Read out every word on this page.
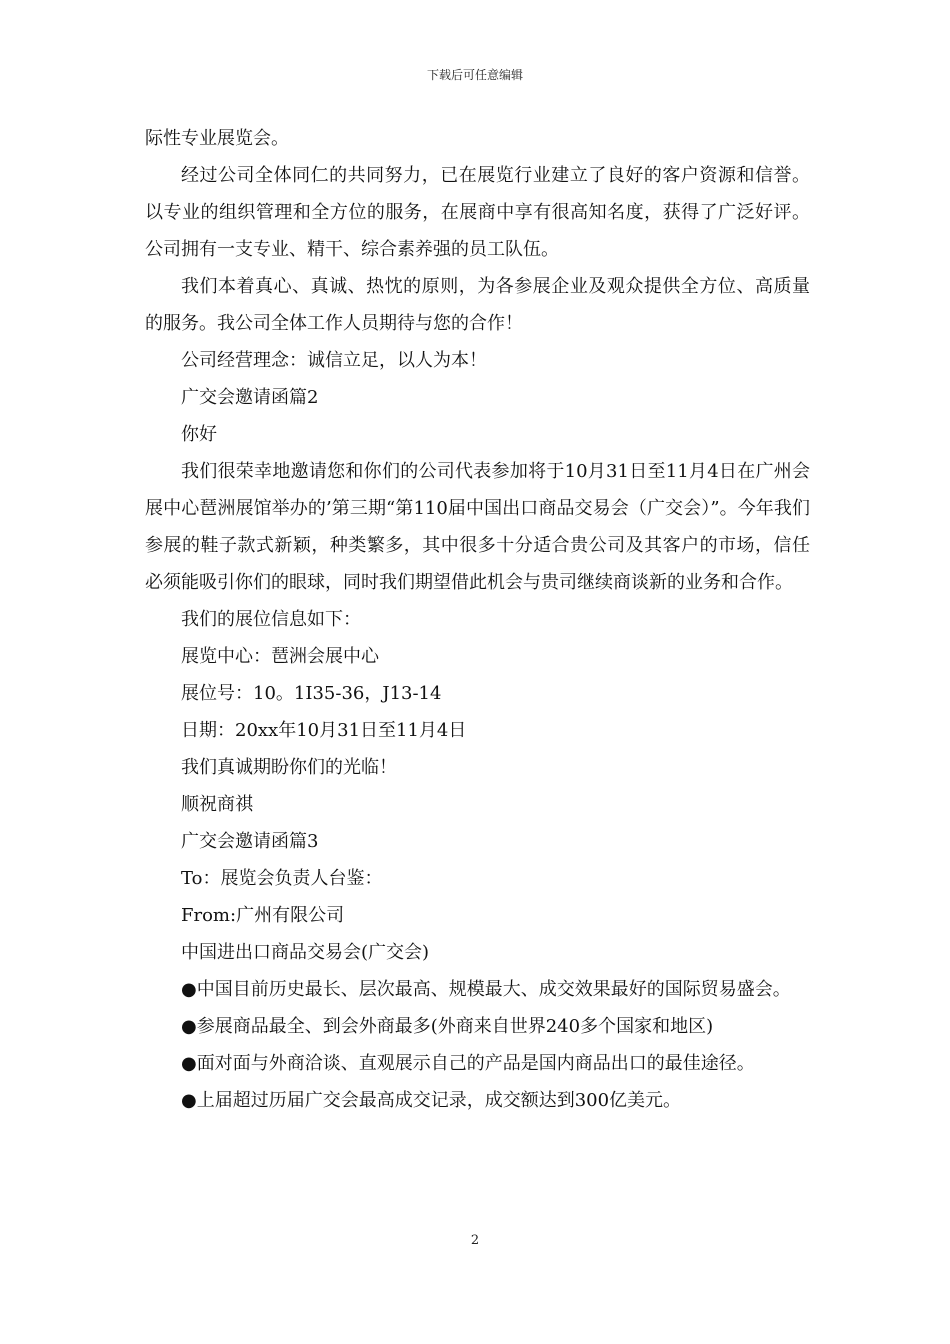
下载后可任意编辑

际性专业展览会。

经过公司全体同仁的共同努力，已在展览行业建立了良好的客户资源和信誉。以专业的组织管理和全方位的服务，在展商中享有很高知名度，获得了广泛好评。公司拥有一支专业、精干、综合素养强的员工队伍。

我们本着真心、真诚、热忱的原则，为各参展企业及观众提供全方位、高质量的服务。我公司全体工作人员期待与您的合作！

公司经营理念：诚信立足，以人为本！

广交会邀请函篇2

你好

我们很荣幸地邀请您和你们的公司代表参加将于10月31日至11月4日在广州会展中心琶洲展馆举办的’第三期“第110届中国出口商品交易会（广交会）”。今年我们参展的鞋子款式新颖，种类繁多，其中很多十分适合贵公司及其客户的市场，信任必须能吸引你们的眼球，同时我们期望借此机会与贵司继续商谈新的业务和合作。

我们的展位信息如下：

展览中心：琶洲会展中心

展位号：10。1I35-36，J13-14

日期：20xx年10月31日至11月4日

我们真诚期盼你们的光临！

顺祝商祺

广交会邀请函篇3

To：展览会负责人台鉴：

From:广州有限公司

中国进出口商品交易会(广交会)

●中国目前历史最长、层次最高、规模最大、成交效果最好的国际贸易盛会。

●参展商品最全、到会外商最多(外商来自世界240多个国家和地区)

●面对面与外商洽谈、直观展示自己的产品是国内商品出口的最佳途径。

●上届超过历届广交会最高成交记录，成交额达到300亿美元。

2
